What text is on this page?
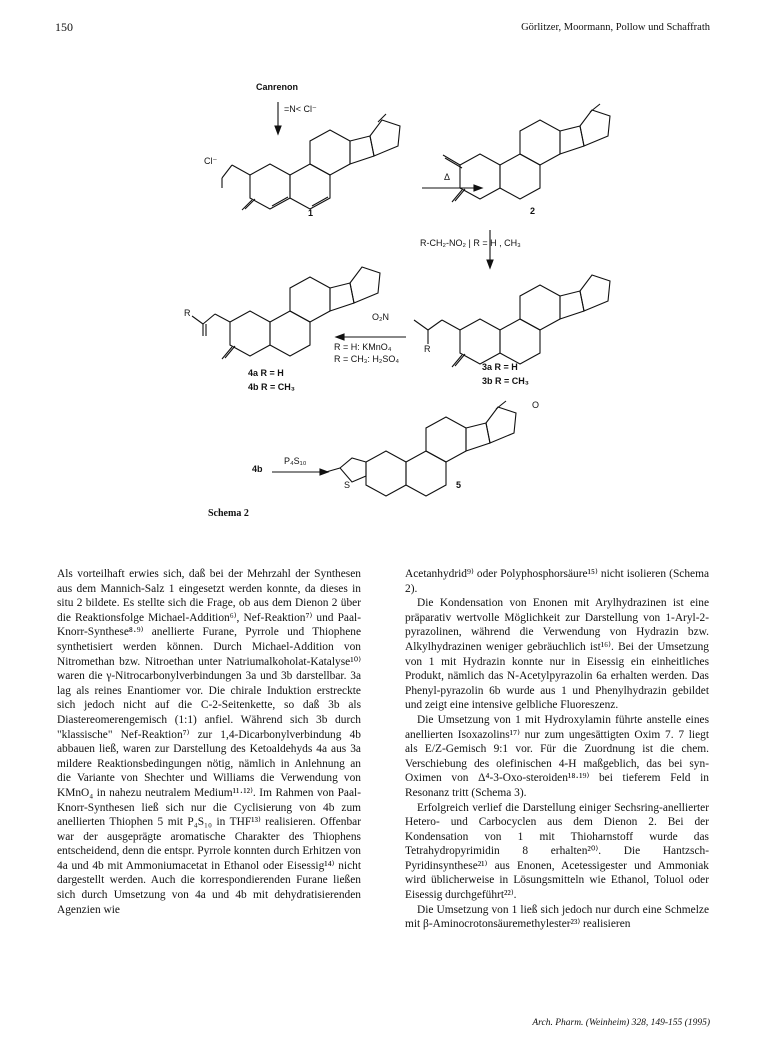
150	Görlitzer, Moormann, Pollow und Schaffrath
Canrenon
=N< Cl⁻
Cl⁻
1
Δ
2
R-CH₂-NO₂ | R = H , CH₃
O₂N
R
R
R = H: KMnO₄
R = CH₃: H₂SO₄
4a R = H
4b R = CH₃
3a R = H
3b R = CH₃
4b
P₄S₁₀
S	5
O
Schema 2

Als vorteilhaft erwies sich, daß bei der Mehrzahl der Synthesen aus dem Mannich-Salz 1 eingesetzt werden konnte, da dieses in situ 2 bildete. Es stellte sich die Frage, ob aus dem Dienon 2 über die Reaktionsfolge Michael-Addition⁶⁾, Nef-Reaktion⁷⁾ und Paal-Knorr-Synthese⁸·⁹⁾ anellierte Furane, Pyrrole und Thiophene synthetisiert werden können. Durch Michael-Addition von Nitromethan bzw. Nitroethan unter Natriumalkoholat-Katalyse¹⁰⁾ waren die γ-Nitrocarbonylverbindungen 3a und 3b darstellbar. 3a lag als reines Enantiomer vor. Die chirale Induktion erstreckte sich jedoch nicht auf die C-2-Seitenkette, so daß 3b als Diastereomerengemisch (1:1) anfiel. Während sich 3b durch "klassische" Nef-Reaktion⁷⁾ zur 1,4-Dicarbonylverbindung 4b abbauen ließ, waren zur Darstellung des Ketoaldehyds 4a aus 3a mildere Reaktionsbedingungen nötig, nämlich in Anlehnung an die Variante von Shechter und Williams die Verwendung von KMnO₄ in nahezu neutralem Medium¹¹·¹²⁾. Im Rahmen von Paal-Knorr-Synthesen ließ sich nur die Cyclisierung von 4b zum anellierten Thiophen 5 mit P₄S₁₀ in THF¹³⁾ realisieren. Offenbar war der ausgeprägte aromatische Charakter des Thiophens entscheidend, denn die entspr. Pyrrole konnten durch Erhitzen von 4a und 4b mit Ammoniumacetat in Ethanol oder Eisessig¹⁴⁾ nicht dargestellt werden. Auch die korrespondierenden Furane ließen sich durch Umsetzung von 4a und 4b mit dehydratisierenden Agenzien wie

Acetanhydrid⁹⁾ oder Polyphosphorsäure¹⁵⁾ nicht isolieren (Schema 2).

Die Kondensation von Enonen mit Arylhydrazinen ist eine präparativ wertvolle Möglichkeit zur Darstellung von 1-Aryl-2-pyrazolinen, während die Verwendung von Hydrazin bzw. Alkylhydrazinen weniger gebräuchlich ist¹⁶⁾. Bei der Umsetzung von 1 mit Hydrazin konnte nur in Eisessig ein einheitliches Produkt, nämlich das N-Acetylpyrazolin 6a erhalten werden. Das Phenyl-pyrazolin 6b wurde aus 1 und Phenylhydrazin gebildet und zeigt eine intensive gelbliche Fluoreszenz.

Die Umsetzung von 1 mit Hydroxylamin führte anstelle eines anellierten Isoxazolins¹⁷⁾ nur zum ungesättigten Oxim 7. 7 liegt als E/Z-Gemisch 9:1 vor. Für die Zuordnung ist die chem. Verschiebung des olefinischen 4-H maßgeblich, das bei syn-Oximen von Δ⁴-3-Oxo-steroiden¹⁸·¹⁹⁾ bei tieferem Feld in Resonanz tritt (Schema 3).

Erfolgreich verlief die Darstellung einiger Sechsring-anellierter Hetero- und Carbocyclen aus dem Dienon 2. Bei der Kondensation von 1 mit Thioharnstoff wurde das Tetrahydropyrimidin 8 erhalten²⁰⁾. Die Hantzsch-Pyridinsynthese²¹⁾ aus Enonen, Acetessigester und Ammoniak wird üblicherweise in Lösungsmitteln wie Ethanol, Toluol oder Eisessig durchgeführt²²⁾.

Die Umsetzung von 1 ließ sich jedoch nur durch eine Schmelze mit β-Aminocrotonsäuremethylester²³⁾ realisieren

Arch. Pharm. (Weinheim) 328, 149-155 (1995)
